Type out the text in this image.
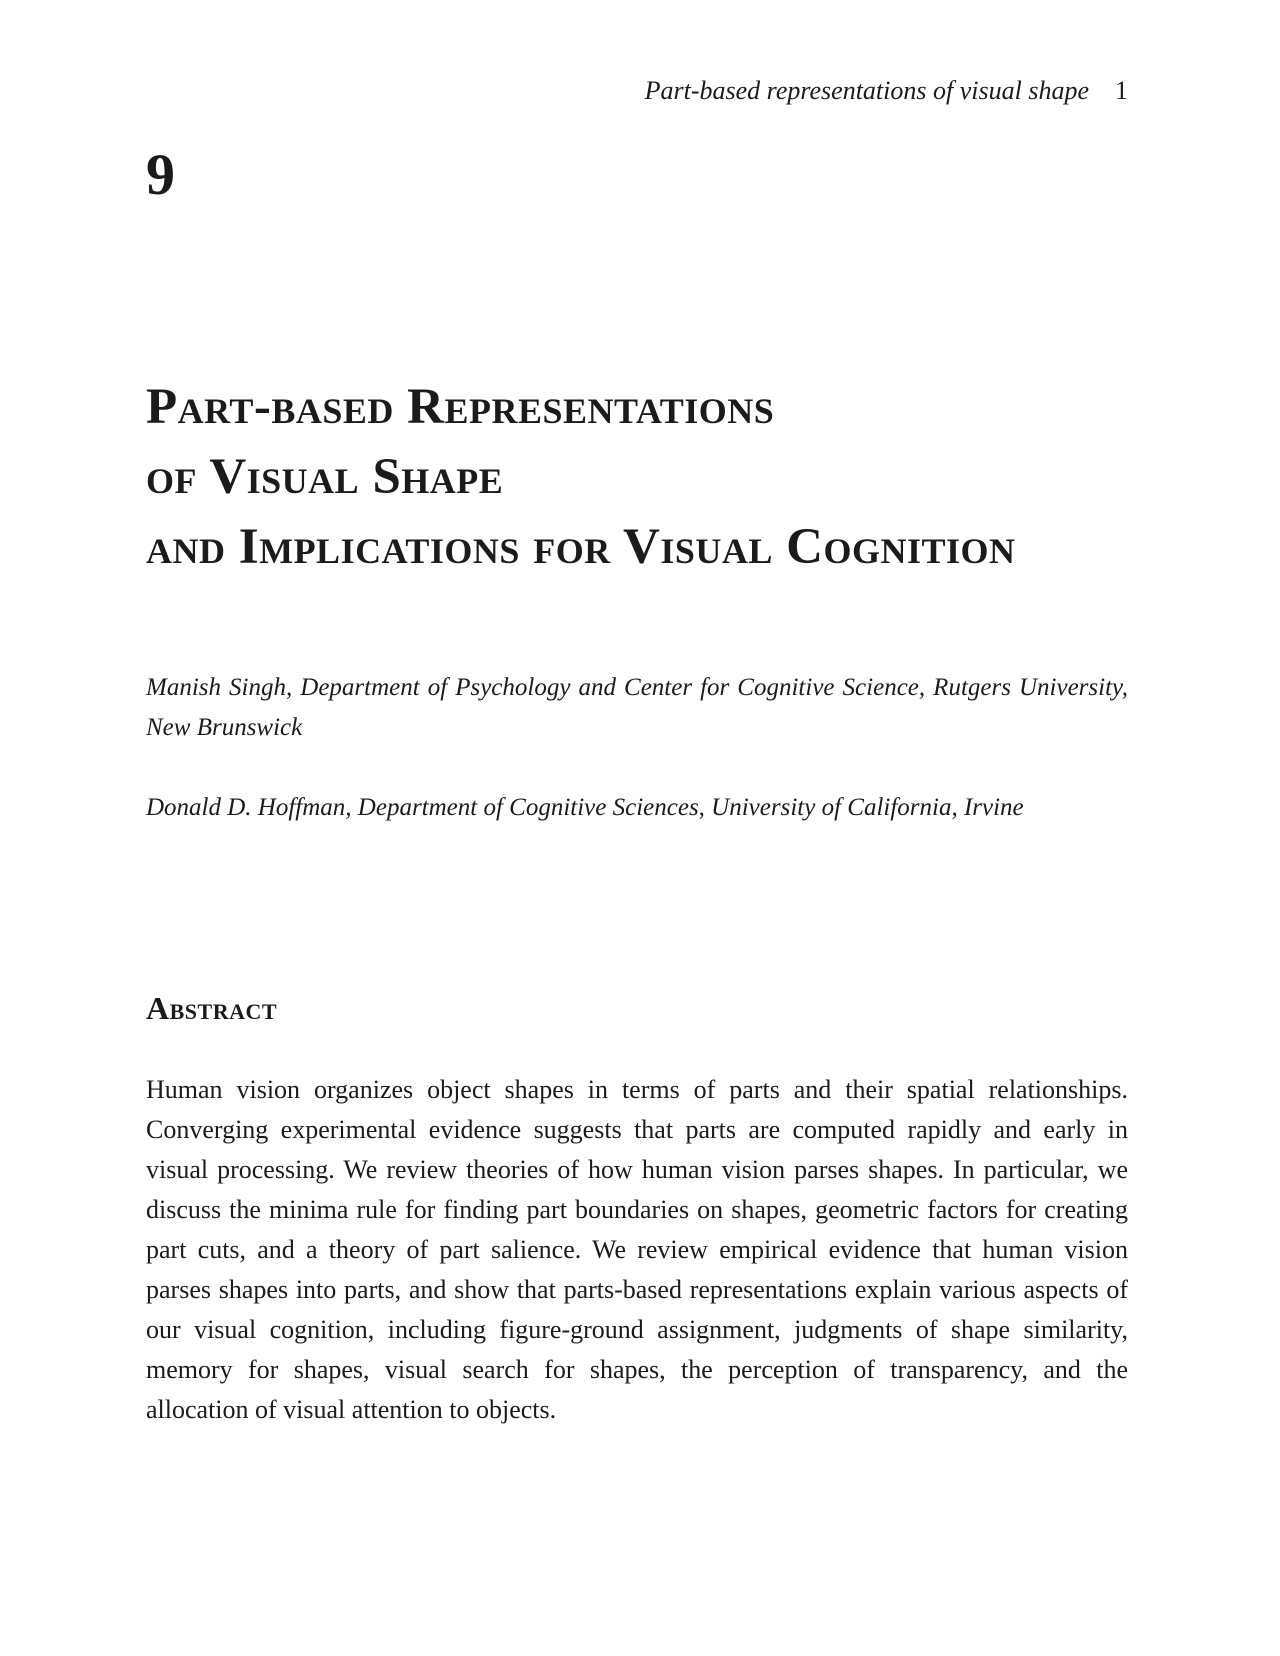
Part-based representations of visual shape 1
9
Part-based Representations
of Visual Shape
and Implications for Visual Cognition
Manish Singh, Department of Psychology and Center for Cognitive Science, Rutgers University,
New Brunswick
Donald D. Hoffman, Department of Cognitive Sciences, University of California, Irvine
Abstract
Human vision organizes object shapes in terms of parts and their spatial relationships. Converging experimental evidence suggests that parts are computed rapidly and early in visual processing. We review theories of how human vision parses shapes. In particular, we discuss the minima rule for finding part boundaries on shapes, geometric factors for creating part cuts, and a theory of part salience. We review empirical evidence that human vision parses shapes into parts, and show that parts-based representations explain various aspects of our visual cognition, including figure-ground assignment, judgments of shape similarity, memory for shapes, visual search for shapes, the perception of transparency, and the allocation of visual attention to objects.
